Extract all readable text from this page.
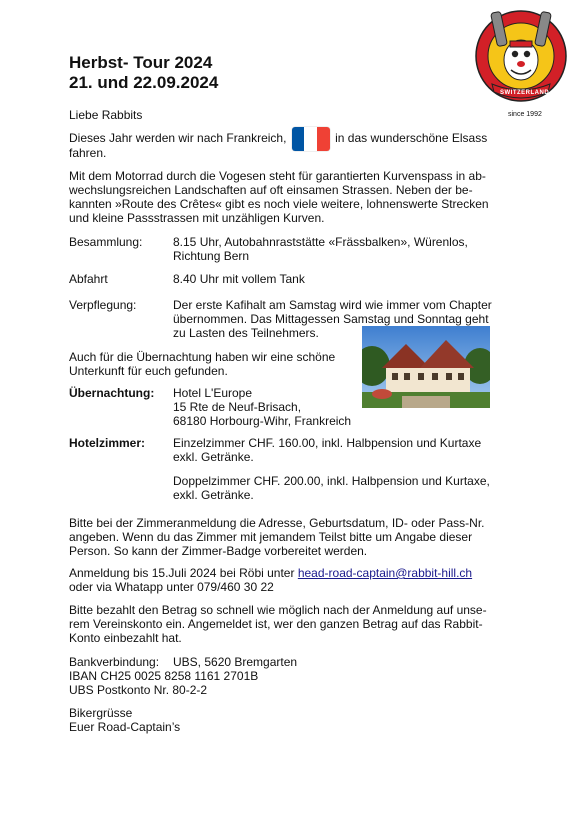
SWITZERLAND
since 1992
Herbst- Tour 2024
21. und 22.09.2024
Liebe Rabbits
Dieses Jahr werden wir nach Frankreich,	in das wunderschöne Elsass
fahren.
Mit dem Motorrad durch die Vogesen steht für garantierten Kurvenspass in ab-
wechslungsreichen Landschaften auf oft einsamen Strassen. Neben der be-
kannten »Route des Crêtes« gibt es noch viele weitere, lohnenswerte Strecken
und kleine Passstrassen mit unzähligen Kurven.
Besammlung:	8.15 Uhr, Autobahnraststätte «Frässbalken», Würenlos,
Richtung Bern
Abfahrt	8.40 Uhr mit vollem Tank
Verpflegung:	Der erste Kafihalt am Samstag wird wie immer vom Chapter
übernommen. Das Mittagessen Samstag und Sonntag geht
zu Lasten des Teilnehmers.
Auch für die Übernachtung haben wir eine schöne
Unterkunft für euch gefunden.
Übernachtung: Hotel L'Europe
15 Rte de Neuf-Brisach,
68180 Horbourg-Wihr, Frankreich
Hotelzimmer: Einzelzimmer CHF. 160.00, inkl. Halbpension und Kurtaxe
exkl. Getränke.
Doppelzimmer CHF. 200.00, inkl. Halbpension und Kurtaxe,
exkl. Getränke.
Bitte bei der Zimmeranmeldung die Adresse, Geburtsdatum, ID- oder Pass-Nr.
angeben. Wenn du das Zimmer mit jemandem Teilst bitte um Angabe dieser
Person. So kann der Zimmer-Badge vorbereitet werden.
Anmeldung bis 15.Juli 2024 bei Röbi unter head-road-captain@rabbit-hill.ch
oder via Whatapp unter 079/460 30 22
Bitte bezahlt den Betrag so schnell wie möglich nach der Anmeldung auf unse-
rem Vereinskonto ein. Angemeldet ist, wer den ganzen Betrag auf das Rabbit-
Konto einbezahlt hat.
Bankverbindung: UBS, 5620 Bremgarten
IBAN CH25 0025 8258 1161 2701B
UBS Postkonto Nr. 80-2-2
Bikergrüsse
Euer Road-Captain’s
